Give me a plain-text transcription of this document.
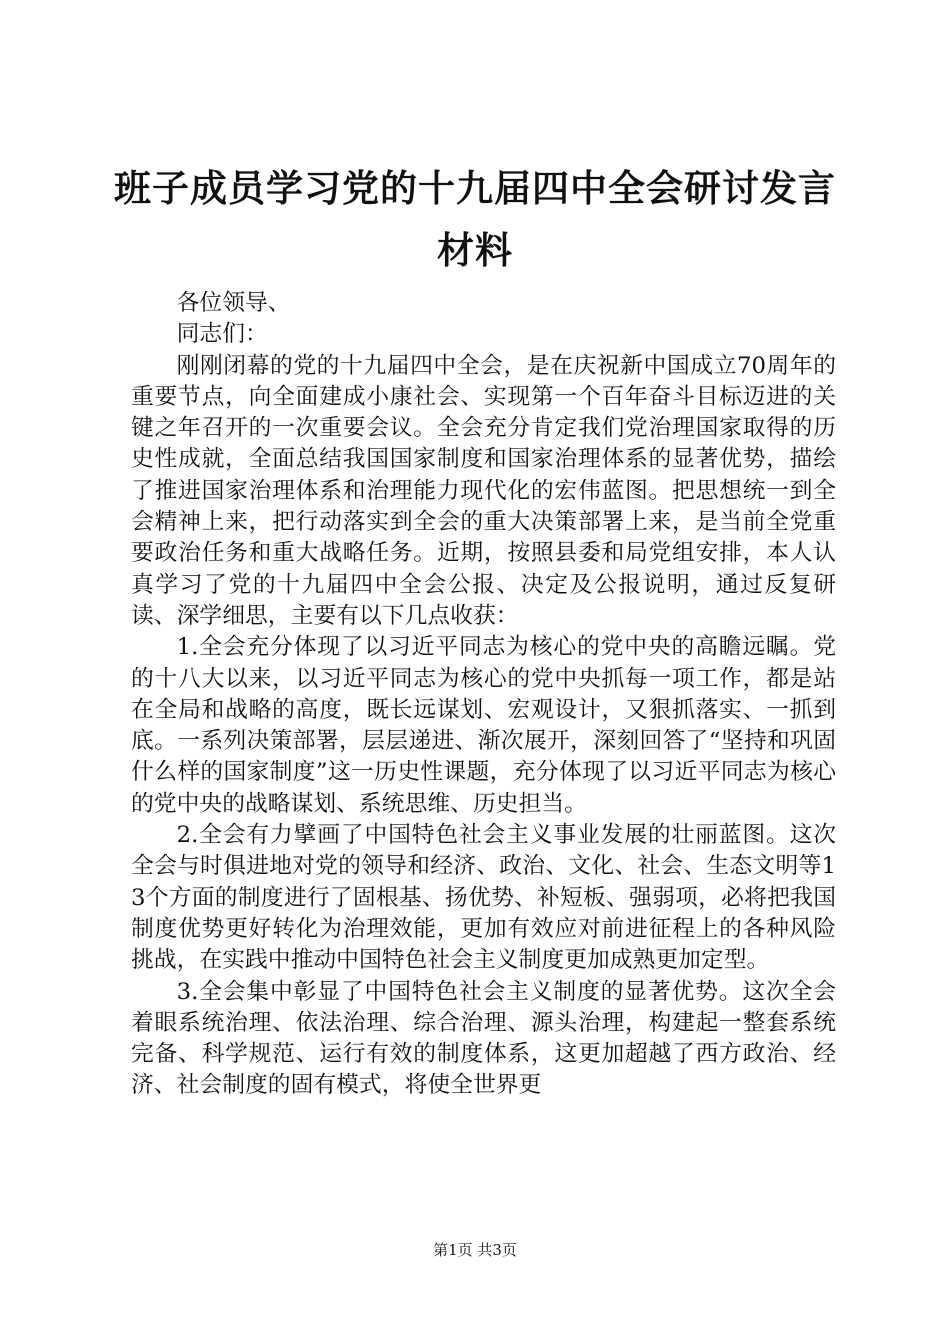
班子成员学习党的十九届四中全会研讨发言材料

各位领导、

同志们：

刚刚闭幕的党的十九届四中全会，是在庆祝新中国成立70周年的重要节点，向全面建成小康社会、实现第一个百年奋斗目标迈进的关键之年召开的一次重要会议。全会充分肯定我们党治理国家取得的历史性成就，全面总结我国国家制度和国家治理体系的显著优势，描绘了推进国家治理体系和治理能力现代化的宏伟蓝图。把思想统一到全会精神上来，把行动落实到全会的重大决策部署上来，是当前全党重要政治任务和重大战略任务。近期，按照县委和局党组安排，本人认真学习了党的十九届四中全会公报、决定及公报说明，通过反复研读、深学细思，主要有以下几点收获：

1.全会充分体现了以习近平同志为核心的党中央的高瞻远瞩。党的十八大以来，以习近平同志为核心的党中央抓每一项工作，都是站在全局和战略的高度，既长远谋划、宏观设计，又狠抓落实、一抓到底。一系列决策部署，层层递进、渐次展开，深刻回答了“坚持和巩固什么样的国家制度”这一历史性课题，充分体现了以习近平同志为核心的党中央的战略谋划、系统思维、历史担当。

2.全会有力擘画了中国特色社会主义事业发展的壮丽蓝图。这次全会与时俱进地对党的领导和经济、政治、文化、社会、生态文明等13个方面的制度进行了固根基、扬优势、补短板、强弱项，必将把我国制度优势更好转化为治理效能，更加有效应对前进征程上的各种风险挑战，在实践中推动中国特色社会主义制度更加成熟更加定型。

3.全会集中彰显了中国特色社会主义制度的显著优势。这次全会着眼系统治理、依法治理、综合治理、源头治理，构建起一整套系统完备、科学规范、运行有效的制度体系，这更加超越了西方政治、经济、社会制度的固有模式，将使全世界更

第1页 共3页
